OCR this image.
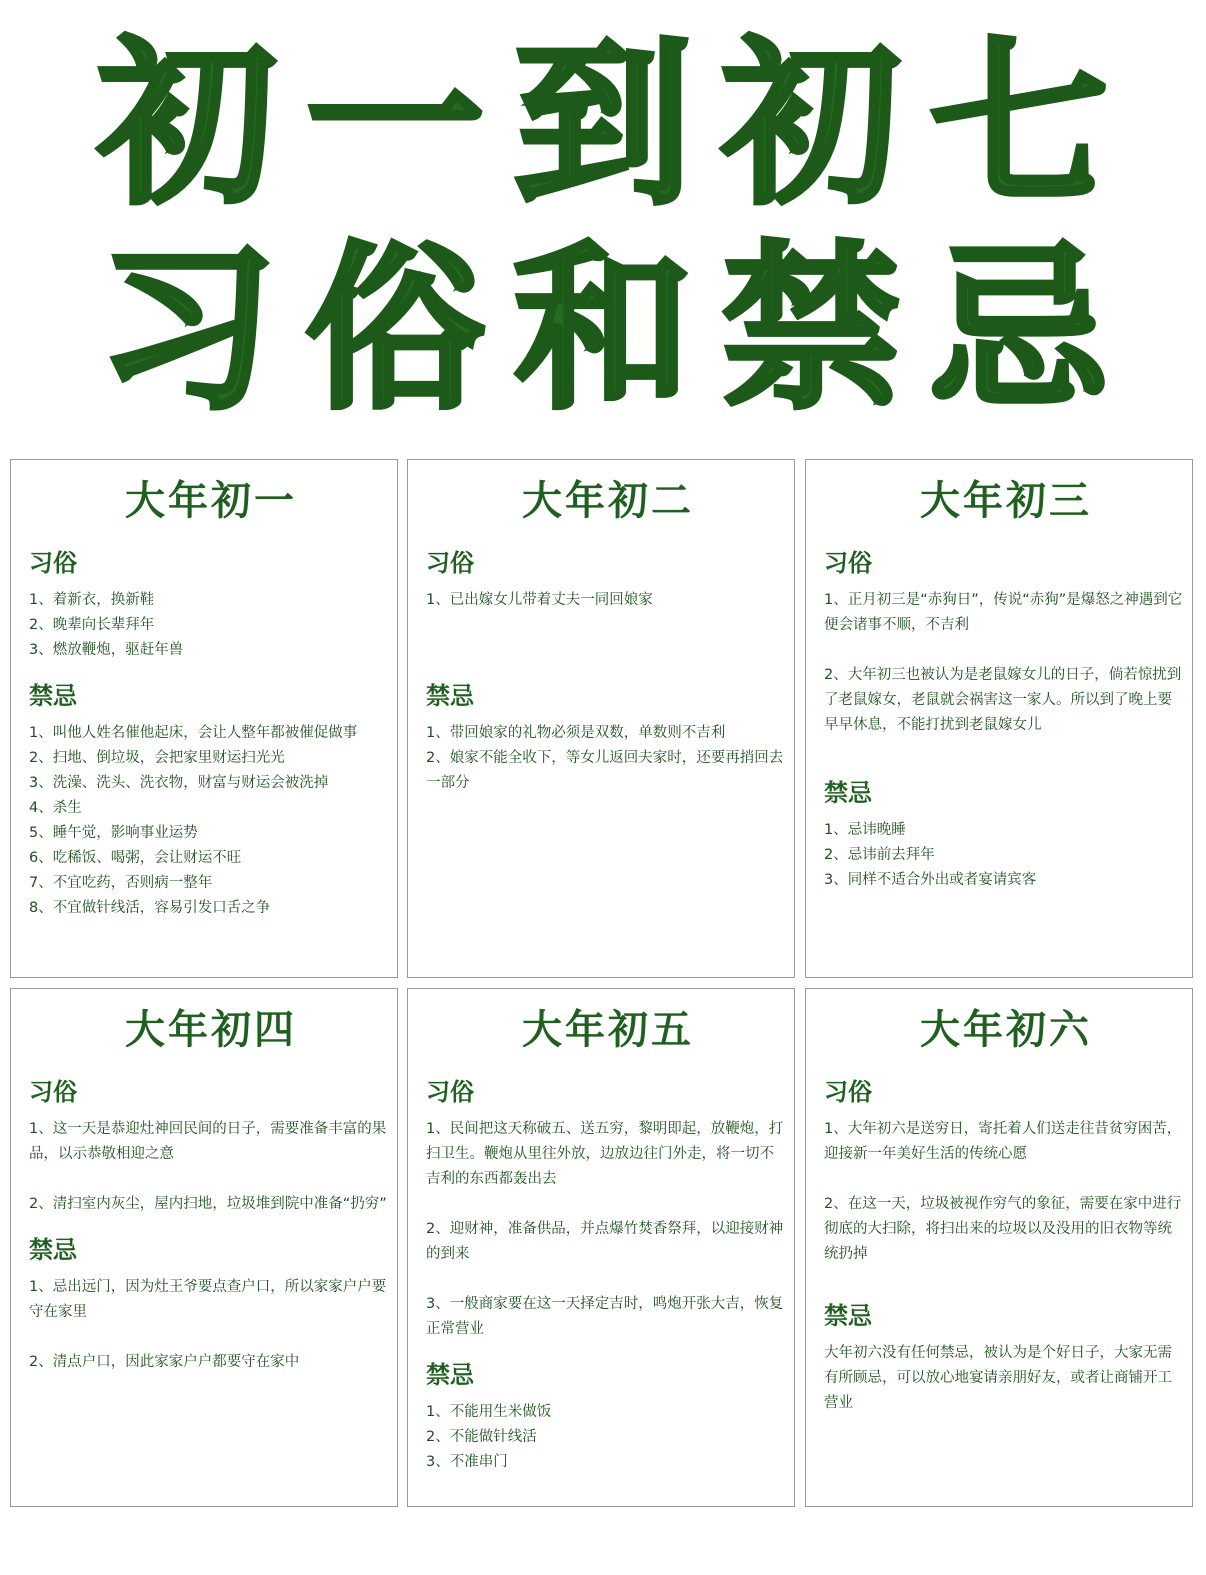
初一到初七
习俗和禁忌
大年初一
习俗

1、着新衣，换新鞋

2、晚辈向长辈拜年

3、燃放鞭炮，驱赶年兽

禁忌

1、叫他人姓名催他起床，会让人整年都被催促做事

2、扫地、倒垃圾，会把家里财运扫光光

3、洗澡、洗头、洗衣物，财富与财运会被洗掉

4、杀生

5、睡午觉，影响事业运势

6、吃稀饭、喝粥，会让财运不旺

7、不宜吃药，否则病一整年

8、不宜做针线活，容易引发口舌之争

大年初二
习俗

1、已出嫁女儿带着丈夫一同回娘家

禁忌

1、带回娘家的礼物必须是双数，单数则不吉利

2、娘家不能全收下，等女儿返回夫家时，还要再捎回去一部分

大年初三
习俗

1、正月初三是“赤狗日”，传说“赤狗”是爆怒之神遇到它便会诸事不顺，不吉利

2、大年初三也被认为是老鼠嫁女儿的日子，倘若惊扰到了老鼠嫁女，老鼠就会祸害这一家人。所以到了晚上要早早休息，不能打扰到老鼠嫁女儿

禁忌

1、忌讳晚睡

2、忌讳前去拜年

3、同样不适合外出或者宴请宾客

大年初四
习俗

1、这一天是恭迎灶神回民间的日子，需要准备丰富的果品，以示恭敬相迎之意

2、清扫室内灰尘，屋内扫地，垃圾堆到院中准备“扔穷”

禁忌

1、忌出远门，因为灶王爷要点查户口，所以家家户户要守在家里

2、清点户口，因此家家户户都要守在家中

大年初五
习俗

1、民间把这天称破五、送五穷，黎明即起，放鞭炮，打扫卫生。鞭炮从里往外放，边放边往门外走，将一切不吉利的东西都轰出去

2、迎财神，准备供品，并点爆竹焚香祭拜，以迎接财神的到来

3、一般商家要在这一天择定吉时，鸣炮开张大吉，恢复正常营业

禁忌

1、不能用生米做饭

2、不能做针线活

3、不准串门

大年初六
习俗

1、大年初六是送穷日，寄托着人们送走往昔贫穷困苦，迎接新一年美好生活的传统心愿

2、在这一天，垃圾被视作穷气的象征，需要在家中进行彻底的大扫除，将扫出来的垃圾以及没用的旧衣物等统统扔掉

禁忌

大年初六没有任何禁忌，被认为是个好日子，大家无需有所顾忌，可以放心地宴请亲朋好友，或者让商铺开工营业
